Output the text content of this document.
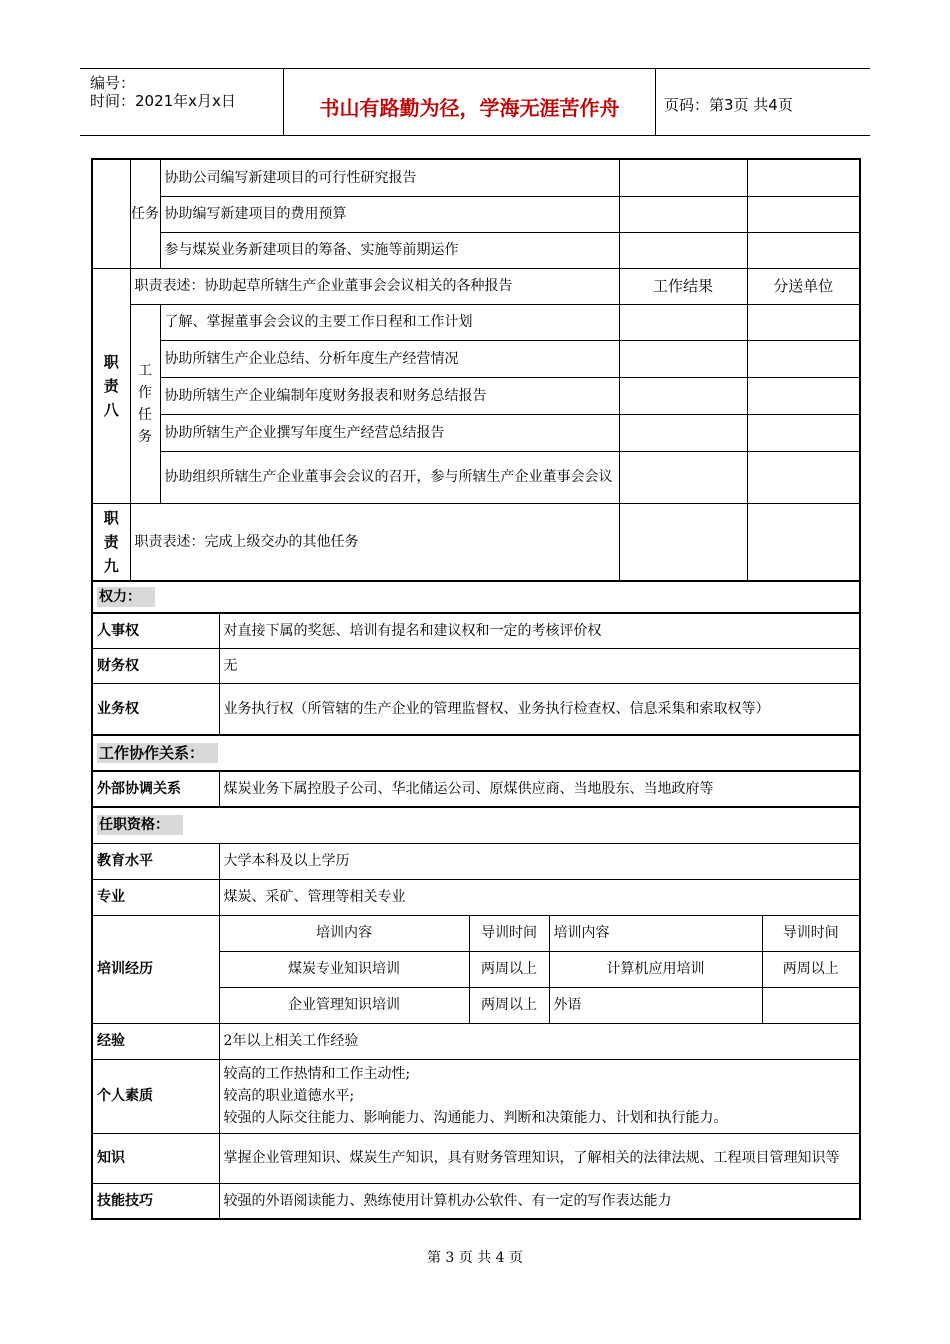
编号：
时间：2021年x月x日	书山有路勤为径，学海无涯苦作舟	页码：第3页 共4页
	任务	协助公司编写新建项目的可行性研究报告		
		协助编写新建项目的费用预算		
		参与煤炭业务新建项目的筹备、实施等前期运作		
职责八	职责表述：协助起草所辖生产企业董事会会议相关的各种报告		工作结果	分送单位
	工作任务	了解、掌握董事会会议的主要工作日程和工作计划		
		协助所辖生产企业总结、分析年度生产经营情况		
		协助所辖生产企业编制年度财务报表和财务总结报告		
		协助所辖生产企业撰写年度生产经营总结报告		
		协助组织所辖生产企业董事会会议的召开，参与所辖生产企业董事会会议		
职责九	职责表述：完成上级交办的其他任务			
权力：				
人事权	对直接下属的奖惩、培训有提名和建议权和一定的考核评价权			
财务权	无			
业务权	业务执行权（所管辖的生产企业的管理监督权、业务执行检查权、信息采集和索取权等）			
工作协作关系：				
外部协调关系	煤炭业务下属控股子公司、华北储运公司、原煤供应商、当地股东、当地政府等			
任职资格：				
教育水平	大学本科及以上学历			
专业	煤炭、采矿、管理等相关专业			
培训经历	培训内容	导训时间	培训内容	导训时间
	煤炭专业知识培训	两周以上	计算机应用培训	两周以上
	企业管理知识培训	两周以上	外语	
经验	2年以上相关工作经验			
个人素质	较高的工作热情和工作主动性;
较高的职业道德水平;
较强的人际交往能力、影响能力、沟通能力、判断和决策能力、计划和执行能力。			

知识	掌握企业管理知识、煤炭生产知识，具有财务管理知识，了解相关的法律法规、工程项目管理知识等			
技能技巧	较强的外语阅读能力、熟练使用计算机办公软件、有一定的写作表达能力			
第 3 页 共 4 页
